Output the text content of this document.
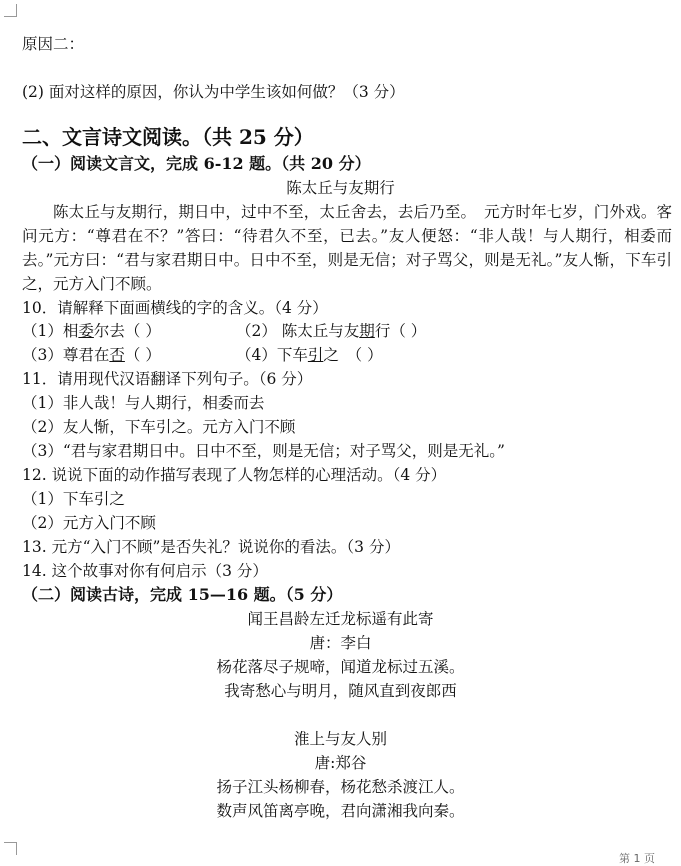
原因二：
(2) 面对这样的原因，你认为中学生该如何做？（3 分）
二、文言诗文阅读。（共 25 分）
（一）阅读文言文，完成 6-12 题。（共 20 分）
陈太丘与友期行
陈太丘与友期行，期日中，过中不至，太丘舍去，去后乃至。　元方时年七岁，门外戏。客问元方：“尊君在不？”答曰：“待君久不至，已去。”友人便怒：“非人哉！与人期行，相委而去。”元方曰：“君与家君期日中。日中不至，则是无信；对子骂父，则是无礼。”友人惭，下车引之，元方入门不顾。
10．请解释下面画横线的字的含义。（4 分）
（1）相委尔去（ ）	（2） 陈太丘与友期行（ ）
（3）尊君在否（ ）	（4）下车引之　（ ）
11．请用现代汉语翻译下列句子。（6 分）
（1）非人哉！与人期行，相委而去
（2）友人惭，下车引之。元方入门不顾
（3）“君与家君期日中。日中不至，则是无信；对子骂父，则是无礼。”
12. 说说下面的动作描写表现了人物怎样的心理活动。（4 分）
（1）下车引之
（2）元方入门不顾
13. 元方“入门不顾”是否失礼？说说你的看法。（3 分）
14. 这个故事对你有何启示（3 分）
（二）阅读古诗，完成 15—16 题。（5 分）
闻王昌龄左迁龙标遥有此寄
唐：李白
杨花落尽子规啼，闻道龙标过五溪。
我寄愁心与明月，随风直到夜郎西
淮上与友人别
唐:郑谷
扬子江头杨柳春，杨花愁杀渡江人。
数声风笛离亭晚，君向潇湘我向秦。
第 1 页
